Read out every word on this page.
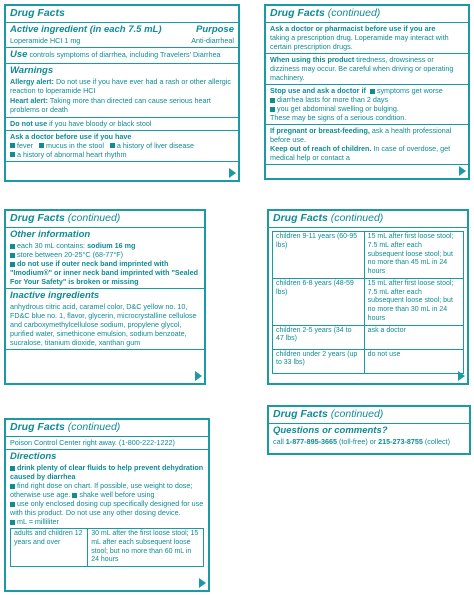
Drug Facts
Active ingredient (in each 7.5 mL)	Purpose
Loperamide HCI 1 mg	Anti-diarrheal
Use controls symptoms of diarrhea, including Travelers' Diarrhea
Warnings
Allergy alert: Do not use if you have ever had a rash or other allergic reaction to loperamide HCI
Heart alert: Taking more than directed can cause serious heart problems or death
Do not use if you have bloody or black stool
Ask a doctor before use if you have
fever mucus in the stool a history of liver disease
a history of abnormal heart rhythm
Drug Facts (continued)
Ask a doctor or pharmacist before use if you are
taking a prescription drug. Loperamide may interact with certain prescription drugs.
When using this product tiredness, drowsiness or dizziness may occur. Be careful when driving or operating machinery.
Stop use and ask a doctor if symptoms get worse
diarrhea lasts for more than 2 days
you get abdominal swelling or bulging.
These may be signs of a serious condition.
If pregnant or breast-feeding, ask a health professional before use.
Keep out of reach of children. In case of overdose, get medical help or contact a
Drug Facts (continued)
Other information
each 30 mL contains: sodium 16 mg
store between 20-25°C (68-77°F)
do not use if outer neck band imprinted with "Imodium®" or inner neck band imprinted with "Sealed For Your Safety" is broken or missing
Inactive ingredients
anhydrous citric acid, caramel color, D&C yellow no. 10, FD&C blue no. 1, flavor, glycerin, microcrystalline cellulose and carboxymethylcellulose sodium, propylene glycol, purified water, simethicone emulsion, sodium benzoate, sucralose, titanium dioxide, xanthan gum
Drug Facts (continued)
children 9-11 years (60-95 lbs)	15 mL after first loose stool; 7.5 mL after each subsequent loose stool; but no more than 45 mL in 24 hours
children 6-8 years (48-59 lbs)	15 mL after first loose stool; 7.5 mL after each subsequent loose stool; but no more than 30 mL in 24 hours
children 2-5 years (34 to 47 lbs)	ask a doctor
children under 2 years (up to 33 lbs)	do not use
Drug Facts (continued)
Poison Control Center right away. (1-800-222-1222)
Directions
drink plenty of clear fluids to help prevent dehydration caused by diarrhea
find right dose on chart. If possible, use weight to dose; otherwise use age. shake well before using
use only enclosed dosing cup specifically designed for use with this product. Do not use any other dosing device.
mL = milliliter
adults and children 12 years and over	30 mL after the first loose stool; 15 mL after each subsequent loose stool; but no more than 60 mL in 24 hours
Drug Facts (continued)
Questions or comments?
call 1-877-895-3665 (toll-free) or 215-273-8755 (collect)
